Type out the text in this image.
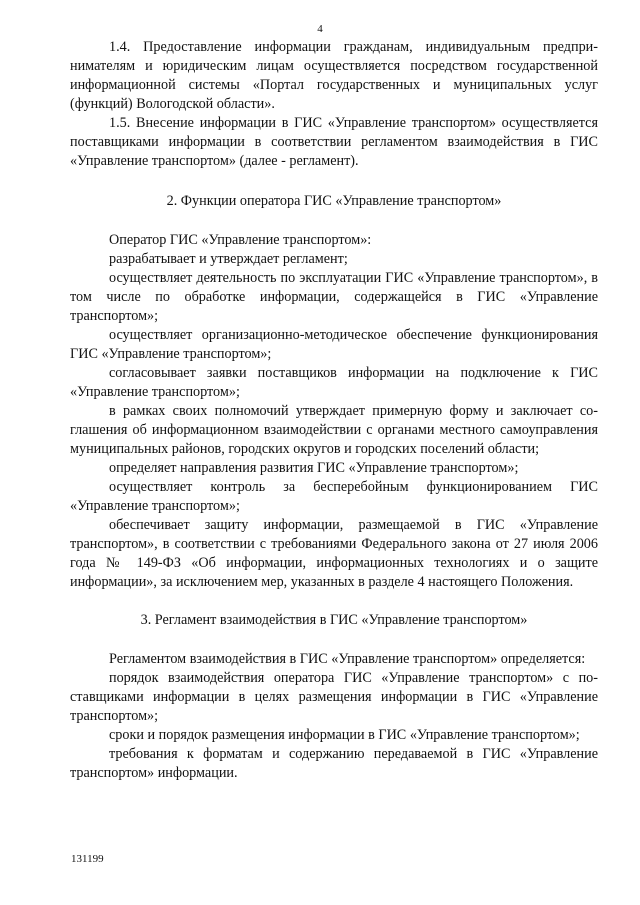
4

1.4. Предоставление информации гражданам, индивидуальным предпринимателям и юридическим лицам осуществляется посредством государственной информационной системы «Портал государственных и муниципальных услуг (функций) Вологодской области».

1.5. Внесение информации в ГИС «Управление транспортом» осуществляется поставщиками информации в соответствии регламентом взаимодействия в ГИС «Управление транспортом» (далее - регламент).

2. Функции оператора ГИС «Управление транспортом»

Оператор ГИС «Управление транспортом»:

разрабатывает и утверждает регламент;

осуществляет деятельность по эксплуатации ГИС «Управление транспортом», в том числе по обработке информации, содержащейся в ГИС «Управление транспортом»;

осуществляет организационно-методическое обеспечение функционирования ГИС «Управление транспортом»;

согласовывает заявки поставщиков информации на подключение к ГИС «Управление транспортом»;

в рамках своих полномочий утверждает примерную форму и заключает соглашения об информационном взаимодействии с органами местного самоуправления муниципальных районов, городских округов и городских поселений области;

определяет направления развития ГИС «Управление транспортом»;

осуществляет контроль за бесперебойным функционированием ГИС «Управление транспортом»;

обеспечивает защиту информации, размещаемой в ГИС «Управление транспортом», в соответствии с требованиями Федерального закона от 27 июля 2006 года № 149-ФЗ «Об информации, информационных технологиях и о защите информации», за исключением мер, указанных в разделе 4 настоящего Положения.

3. Регламент взаимодействия в ГИС «Управление транспортом»

Регламентом взаимодействия в ГИС «Управление транспортом» определяется:

порядок взаимодействия оператора ГИС «Управление транспортом» с поставщиками информации в целях размещения информации в ГИС «Управление транспортом»;

сроки и порядок размещения информации в ГИС «Управление транспортом»;

требования к форматам и содержанию передаваемой в ГИС «Управление транспортом» информации.

131199
